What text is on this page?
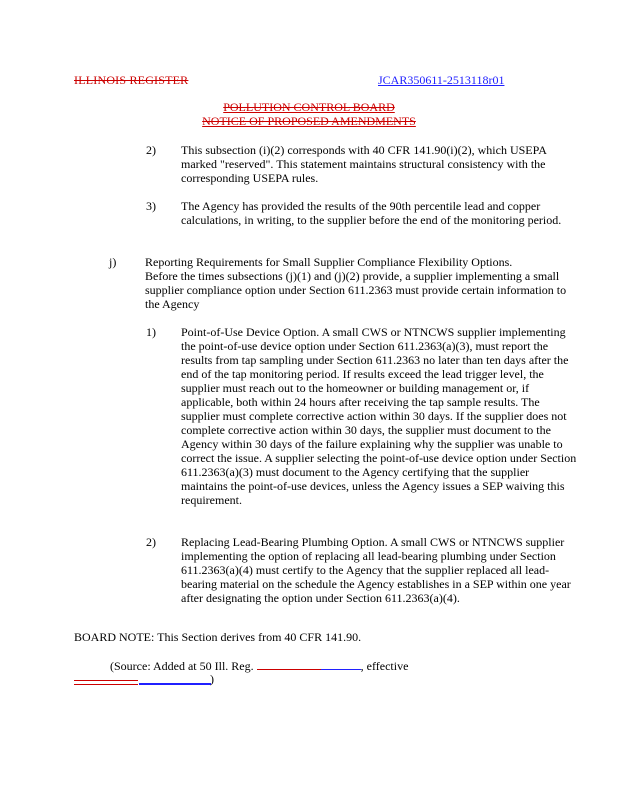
ILLINOIS REGISTER	JCAR350611-2513118r01
POLLUTION CONTROL BOARD
NOTICE OF PROPOSED AMENDMENTS
2) This subsection (i)(2) corresponds with 40 CFR 141.90(i)(2), which USEPA marked "reserved". This statement maintains structural consistency with the corresponding USEPA rules.
3) The Agency has provided the results of the 90th percentile lead and copper calculations, in writing, to the supplier before the end of the monitoring period.
j) Reporting Requirements for Small Supplier Compliance Flexibility Options.
Before the times subsections (j)(1) and (j)(2) provide, a supplier implementing a small supplier compliance option under Section 611.2363 must provide certain information to the Agency
1) Point-of-Use Device Option. A small CWS or NTNCWS supplier implementing the point-of-use device option under Section 611.2363(a)(3), must report the results from tap sampling under Section 611.2363 no later than ten days after the end of the tap monitoring period. If results exceed the lead trigger level, the supplier must reach out to the homeowner or building management or, if applicable, both within 24 hours after receiving the tap sample results. The supplier must complete corrective action within 30 days. If the supplier does not complete corrective action within 30 days, the supplier must document to the Agency within 30 days of the failure explaining why the supplier was unable to correct the issue. A supplier selecting the point-of-use device option under Section 611.2363(a)(3) must document to the Agency certifying that the supplier maintains the point-of-use devices, unless the Agency issues a SEP waiving this requirement.
2) Replacing Lead-Bearing Plumbing Option. A small CWS or NTNCWS supplier implementing the option of replacing all lead-bearing plumbing under Section 611.2363(a)(4) must certify to the Agency that the supplier replaced all lead-bearing material on the schedule the Agency establishes in a SEP within one year after designating the option under Section 611.2363(a)(4).
BOARD NOTE: This Section derives from 40 CFR 141.90.
(Source: Added at 50 Ill. Reg.	, effective
)
